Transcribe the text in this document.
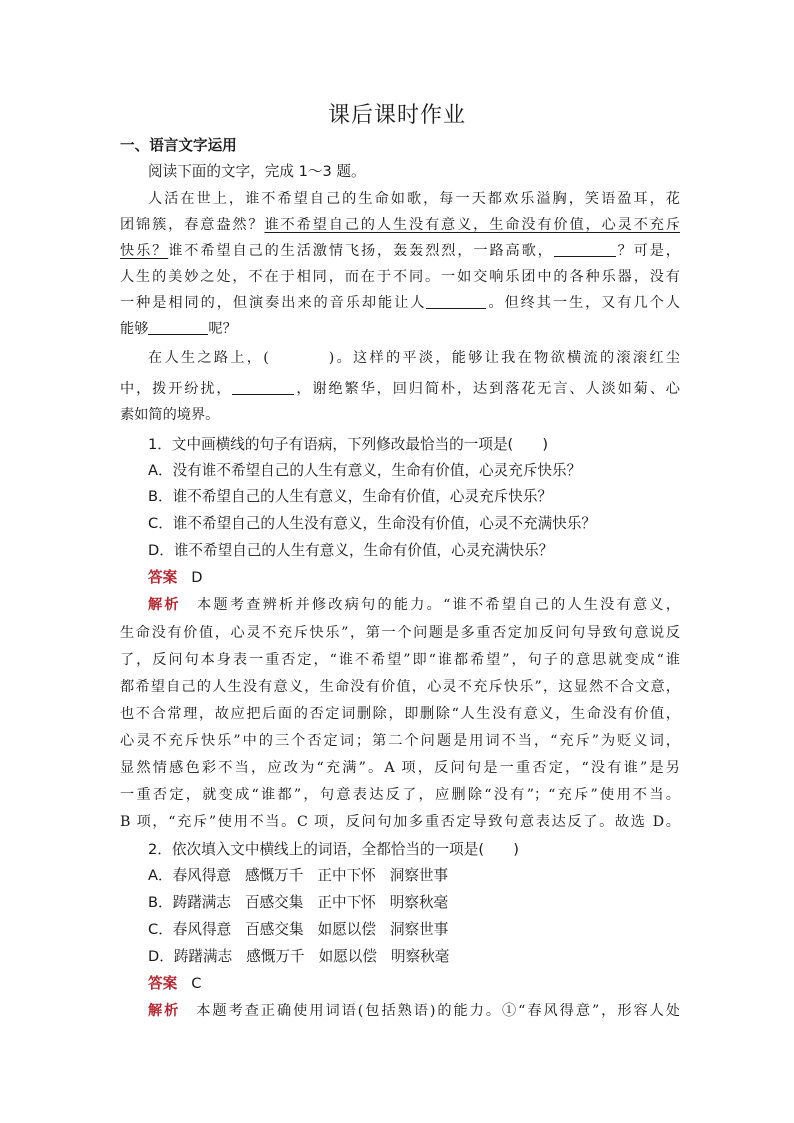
课后课时作业
一、语言文字运用
阅读下面的文字，完成 1～3 题。
人活在世上，谁不希望自己的生命如歌，每一天都欢乐溢胸，笑语盈耳，花
团锦簇，春意盎然？谁不希望自己的人生没有意义，生命没有价值，心灵不充斥
快乐？谁不希望自己的生活激情飞扬，轰轰烈烈，一路高歌，	？可是，
人生的美妙之处，不在于相同，而在于不同。一如交响乐团中的各种乐器，没有
一种是相同的，但演奏出来的音乐却能让人	。但终其一生，又有几个人
能够	呢？
在人生之路上，(	)。这样的平淡，能够让我在物欲横流的滚滚红尘
中，拨开纷扰，	，谢绝繁华，回归简朴，达到落花无言、人淡如菊、心
素如简的境界。
1．文中画横线的句子有语病，下列修改最恰当的一项是(　　)
A．没有谁不希望自己的人生有意义，生命有价值，心灵充斥快乐？
B．谁不希望自己的人生有意义，生命有价值，心灵充斥快乐？
C．谁不希望自己的人生没有意义，生命没有价值，心灵不充满快乐？
D．谁不希望自己的人生有意义，生命有价值，心灵充满快乐？
答案 D
解析 本题考查辨析并修改病句的能力。“谁不希望自己的人生没有意义，
生命没有价值，心灵不充斥快乐”，第一个问题是多重否定加反问句导致句意说反
了，反问句本身表一重否定，“谁不希望”即“谁都希望”，句子的意思就变成“谁
都希望自己的人生没有意义，生命没有价值，心灵不充斥快乐”，这显然不合文意，
也不合常理，故应把后面的否定词删除，即删除“人生没有意义，生命没有价值，
心灵不充斥快乐”中的三个否定词；第二个问题是用词不当，“充斥”为贬义词，
显然情感色彩不当，应改为“充满”。A 项，反问句是一重否定，“没有谁”是另
一重否定，就变成“谁都”，句意表达反了，应删除“没有”；“充斥”使用不当。
B 项，“充斥”使用不当。C 项，反问句加多重否定导致句意表达反了。故选 D。
2．依次填入文中横线上的词语，全都恰当的一项是(　　)
A．春风得意 感慨万千 正中下怀 洞察世事
B．踌躇满志 百感交集 正中下怀 明察秋毫
C．春风得意 百感交集 如愿以偿 洞察世事
D．踌躇满志 感慨万千 如愿以偿 明察秋毫
答案 C
解析 本题考查正确使用词语(包括熟语)的能力。①“春风得意”，形容人处
